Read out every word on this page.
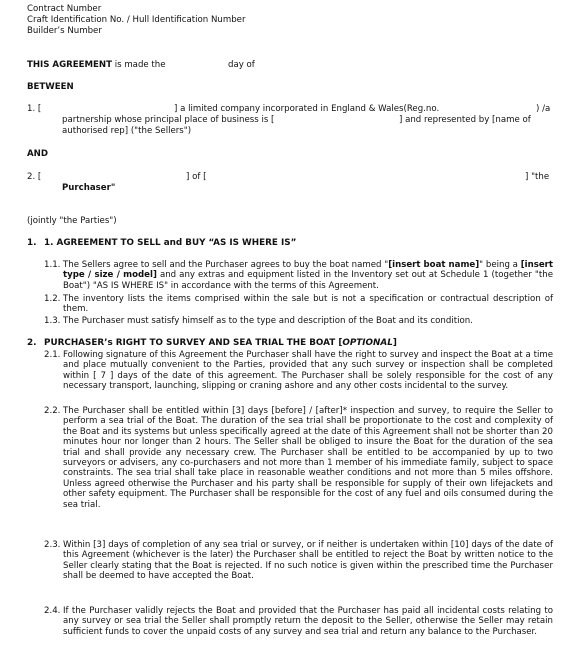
Contract Number
Craft Identification No. / Hull Identification Number
Builder’s Number
THIS AGREEMENT is made the	day of
BETWEEN
1. [	] a limited company incorporated in England & Wales(Reg.no.	) /a
partnership whose principal place of business is [	] and represented by [name of
authorised rep] ("the Sellers")
AND
2. [	] of [	] "the
Purchaser"
(jointly "the Parties")
1. 1. AGREEMENT TO SELL and BUY “AS IS WHERE IS”
1.1. The Sellers agree to sell and the Purchaser agrees to buy the boat named "[insert boat name]" being a [insert type / size / model] and any extras and equipment listed in the Inventory set out at Schedule 1 (together "the Boat") "AS IS WHERE IS" in accordance with the terms of this Agreement.
1.2. The inventory lists the items comprised within the sale but is not a specification or contractual description of them.
1.3. The Purchaser must satisfy himself as to the type and description of the Boat and its condition.
2. PURCHASER’s RIGHT TO SURVEY AND SEA TRIAL THE BOAT [OPTIONAL]
2.1. Following signature of this Agreement the Purchaser shall have the right to survey and inspect the Boat at a time and place mutually convenient to the Parties, provided that any such survey or inspection shall be completed within [ 7 ] days of the date of this agreement. The Purchaser shall be solely responsible for the cost of any necessary transport, launching, slipping or craning ashore and any other costs incidental to the survey.
2.2. The Purchaser shall be entitled within [3] days [before] / [after]* inspection and survey, to require the Seller to perform a sea trial of the Boat. The duration of the sea trial shall be proportionate to the cost and complexity of the Boat and its systems but unless specifically agreed at the date of this Agreement shall not be shorter than 20 minutes hour nor longer than 2 hours. The Seller shall be obliged to insure the Boat for the duration of the sea trial and shall provide any necessary crew. The Purchaser shall be entitled to be accompanied by up to two surveyors or advisers, any co-purchasers and not more than 1 member of his immediate family, subject to space constraints. The sea trial shall take place in reasonable weather conditions and not more than 5 miles offshore. Unless agreed otherwise the Purchaser and his party shall be responsible for supply of their own lifejackets and other safety equipment. The Purchaser shall be responsible for the cost of any fuel and oils consumed during the sea trial.
2.3. Within [3] days of completion of any sea trial or survey, or if neither is undertaken within [10] days of the date of this Agreement (whichever is the later) the Purchaser shall be entitled to reject the Boat by written notice to the Seller clearly stating that the Boat is rejected. If no such notice is given within the prescribed time the Purchaser shall be deemed to have accepted the Boat.
2.4. If the Purchaser validly rejects the Boat and provided that the Purchaser has paid all incidental costs relating to any survey or sea trial the Seller shall promptly return the deposit to the Seller, otherwise the Seller may retain sufficient funds to cover the unpaid costs of any survey and sea trial and return any balance to the Purchaser.
